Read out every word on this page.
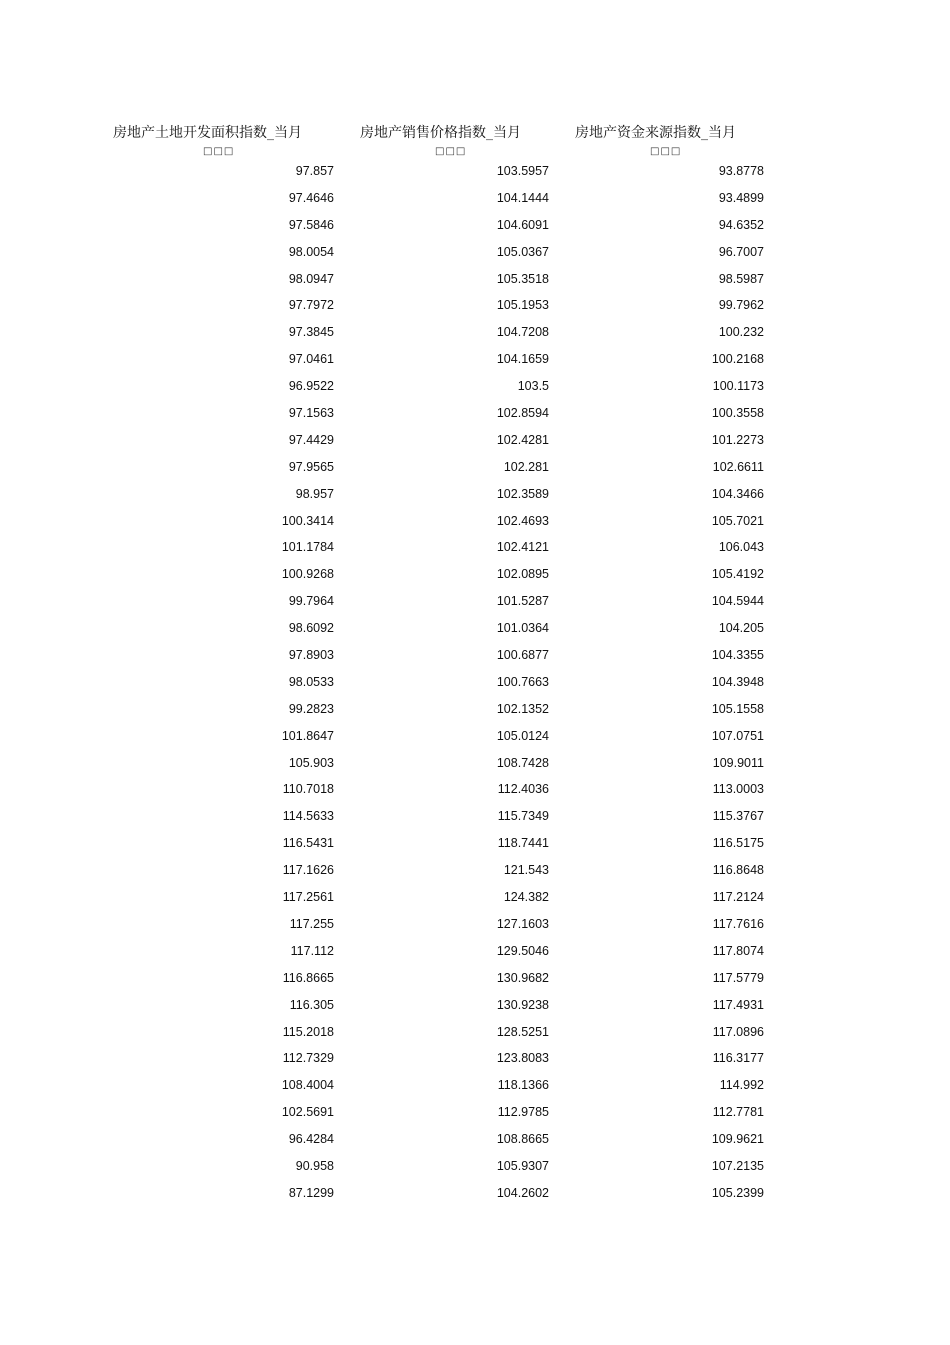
房地产土地开发面积指数_当月	房地产销售价格指数_当月	房地产资金来源指数_当月
□□□	□□□	□□□
97.857	103.5957	93.8778
97.4646	104.1444	93.4899
97.5846	104.6091	94.6352
98.0054	105.0367	96.7007
98.0947	105.3518	98.5987
97.7972	105.1953	99.7962
97.3845	104.7208	100.232
97.0461	104.1659	100.2168
96.9522	103.5	100.1173
97.1563	102.8594	100.3558
97.4429	102.4281	101.2273
97.9565	102.281	102.6611
98.957	102.3589	104.3466
100.3414	102.4693	105.7021
101.1784	102.4121	106.043
100.9268	102.0895	105.4192
99.7964	101.5287	104.5944
98.6092	101.0364	104.205
97.8903	100.6877	104.3355
98.0533	100.7663	104.3948
99.2823	102.1352	105.1558
101.8647	105.0124	107.0751
105.903	108.7428	109.9011
110.7018	112.4036	113.0003
114.5633	115.7349	115.3767
116.5431	118.7441	116.5175
117.1626	121.543	116.8648
117.2561	124.382	117.2124
117.255	127.1603	117.7616
117.112	129.5046	117.8074
116.8665	130.9682	117.5779
116.305	130.9238	117.4931
115.2018	128.5251	117.0896
112.7329	123.8083	116.3177
108.4004	118.1366	114.992
102.5691	112.9785	112.7781
96.4284	108.8665	109.9621
90.958	105.9307	107.2135
87.1299	104.2602	105.2399
